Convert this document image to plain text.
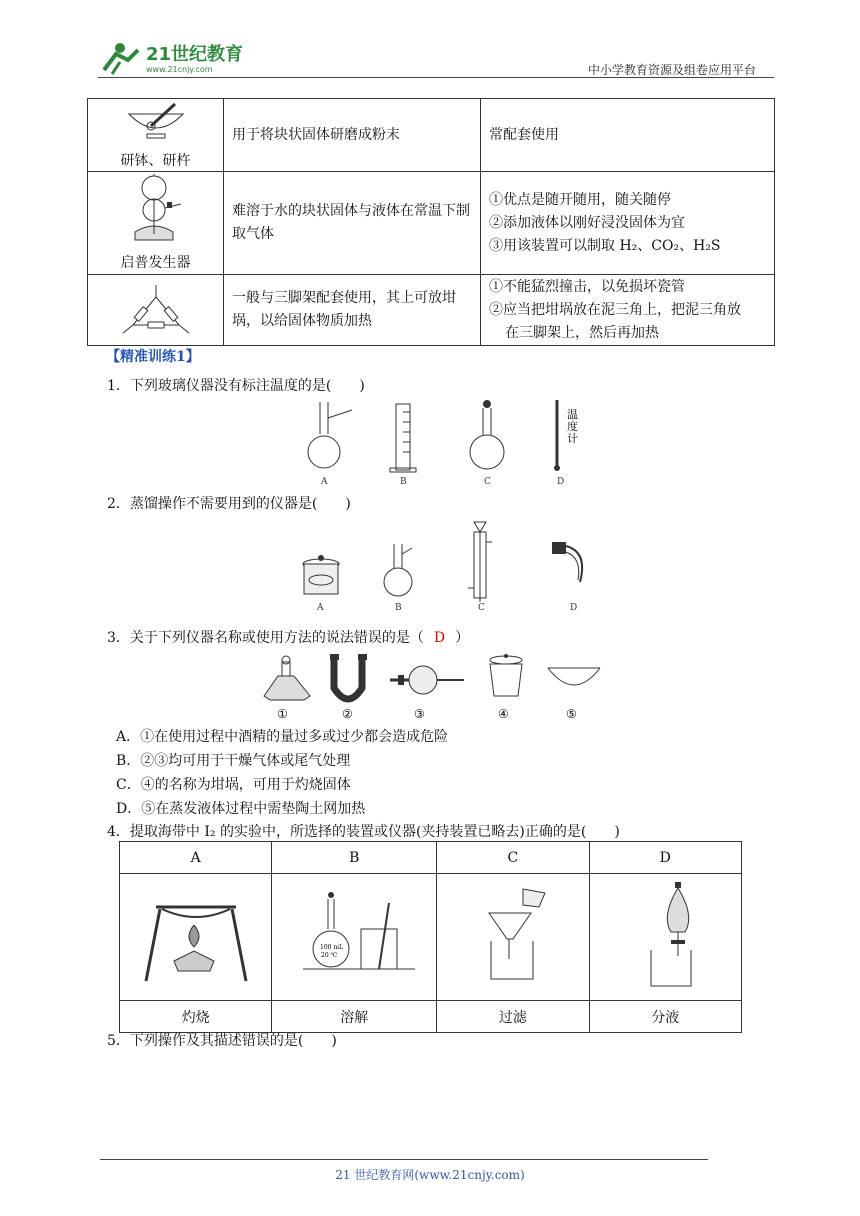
21世纪教育
www.21cnjy.com	中小学教育资源及组卷应用平台
研钵、研杵	用于将块状固体研磨成粉末	常配套使用

启普发生器	难溶于水的块状固体与液体在常温下制取气体	①优点是随开随用，随关随停
②添加液体以刚好浸没固体为宜
③用该装置可以制取 H₂、CO₂、H₂S

	一般与三脚架配套使用，其上可放坩埚，以给固体物质加热	①不能猛烈撞击，以免损坏瓷管
②应当把坩埚放在泥三角上，把泥三角放
在三脚架上，然后再加热
【精准训练1】
1．下列玻璃仪器没有标注温度的是(　　)
温
度
计
A	B	C	D
2．蒸馏操作不需要用到的仪器是(　　)
A	B	C	D
3．关于下列仪器名称或使用方法的说法错误的是（ D ）
①	②	③	④	⑤
A．①在使用过程中酒精的量过多或过少都会造成危险
B．②③均可用于干燥气体或尾气处理
C．④的名称为坩埚，可用于灼烧固体
D．⑤在蒸发液体过程中需垫陶土网加热
4．提取海带中 I₂ 的实验中，所选择的装置或仪器(夹持装置已略去)正确的是(　　)
A	B	C	D

100 mL
20 ℃

灼烧	溶解	过滤	分液
5．下列操作及其描述错误的是(　　)
21 世纪教育网(www.21cnjy.com)
